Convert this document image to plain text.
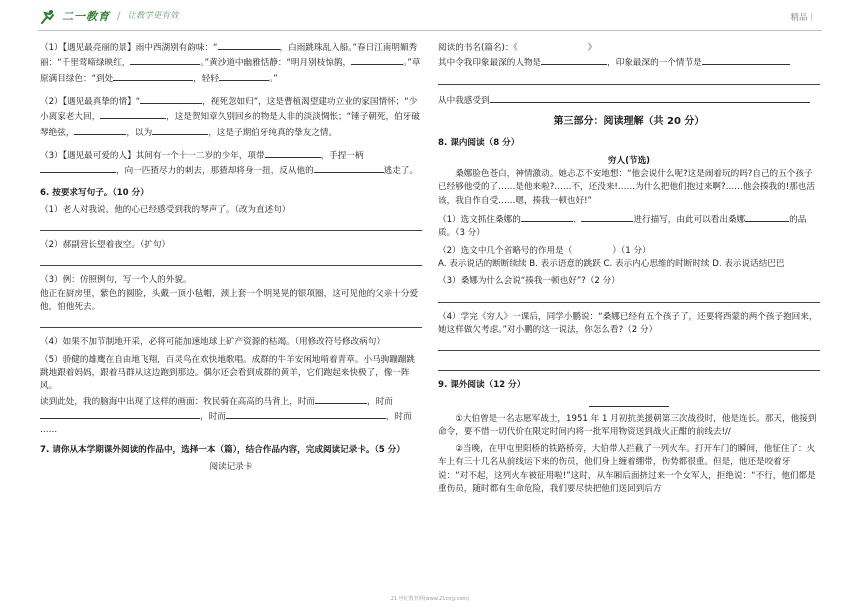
二一教育 / 让教学更有效	精品｜

（1）【遇见最亮丽的景】雨中西湖别有韵味：“	，白雨跳珠乱入船。”春日江南明媚秀丽：“千里莺啼绿映红，	。”黄沙道中幽雅恬静：“明月别枝惊鹊，	。”草原满目绿色：“到处	，轻轻	。”

（2）【遇见最真挚的情】“	，视死忽如归”，这是曹植渴望建功立业的家国情怀；“少小离家老大回，	，这是贺知章久别回乡的物是人非的淡淡惆怅；“锤子朝死，伯牙破琴绝弦，	，以为	，这是子期伯牙纯真的挚友之情。

（3）【遇见最可爱的人】其间有一个十一二岁的少年，项带	，手捏一柄，向一匹猹尽力的刺去，那猹却将身一扭，反从他的	逃走了。

6. 按要求写句子。（10 分）

（1）老人对我说，他的心已经感受到我的琴声了。（改为直述句）

（2）郝副营长望着夜空。（扩句）

（3）例：仿照例句，写一个人的外貌。

他正在厨房里，紫色的圆脸，头戴一顶小毡帽，颈上套一个明晃晃的银项圈，这可见他的父亲十分爱他，怕他死去。

（4）如果不加节制地开采，必将可能加速地球上矿产资源的枯竭。（用修改符号修改病句）

（5）骄健的雄鹰在自由地飞翔，百灵鸟在欢快地歌唱。成群的牛羊安闲地啃着青草。小马驹蹦蹦跳跳地跟着妈妈，跟着马群从这边跑到那边。偶尔还会看到成群的黄羊，它们跑起来快极了，像一阵风。

读到此处，我的脑海中出现了这样的画面：牧民骑在高高的马背上，时而	，时而，时而	，时而……

7. 请你从本学期课外阅读的作品中，选择一本（篇），结合作品内容，完成阅读记录卡。（5 分）

阅读记录卡

阅读的书名(篇名)：《	》

其中令我印象最深的人物是	，印象最深的一个情节是

从中我感受到

第三部分：阅读理解（共 20 分）

8. 课内阅读（8 分）

穷人(节选)

桑娜脸色苍白，神情激动。她忐忑不安地想：“他会说什么呢?这是闹着玩的吗?自己的五个孩子已经够他受的了……是他来啦?……不，还没来!……为什么把他们抱过来啊?……他会揍我的!那也活该，我自作自受……嗯，揍我一顿也好!”

（1）选文抓住桑娜的	、	进行描写，由此可以看出桑娜	的品质。（3 分）

（2）选文中几个省略号的作用是（	）（1 分）

A. 表示说话的断断续续 B. 表示语意的跳跃 C. 表示内心思维的时断时续 D. 表示说话结巴巴

（3）桑娜为什么会说“揍我一顿也好”?（2 分）

（4）学完《穷人》一课后，同学小鹏说：“桑娜已经有五个孩子了，还要将西蒙的两个孩子抱回来，她这样做欠考虑。”对小鹏的这一说法，你怎么看?（2 分）

9. 课外阅读（12 分）

①大伯曾是一名志愿军战士，1951 年 1 月初抗美援朝第三次战役时，他是连长。那天，他接到命令，要不惜一切代价在限定时间内将一批军用物资送到战火正酣的前线去!//

②当晚，在甲屯里阳桥的铁路桥旁，大伯带人拦截了一列火车。打开车门的瞬间，他怔住了：火车上有三十几名从前线运下来的伤员，他们身上缠着绷带，伤势都很重。但是，他还是咬着牙说：“对不起，这列火车被征用啦!”这时，从车厢后面挤过来一个女军人，拒绝说：“不行，他们都是重伤员，随时都有生命危险，我们要尽快把他们送回到后方

21 世纪教育网(www.21cnjy.com)
